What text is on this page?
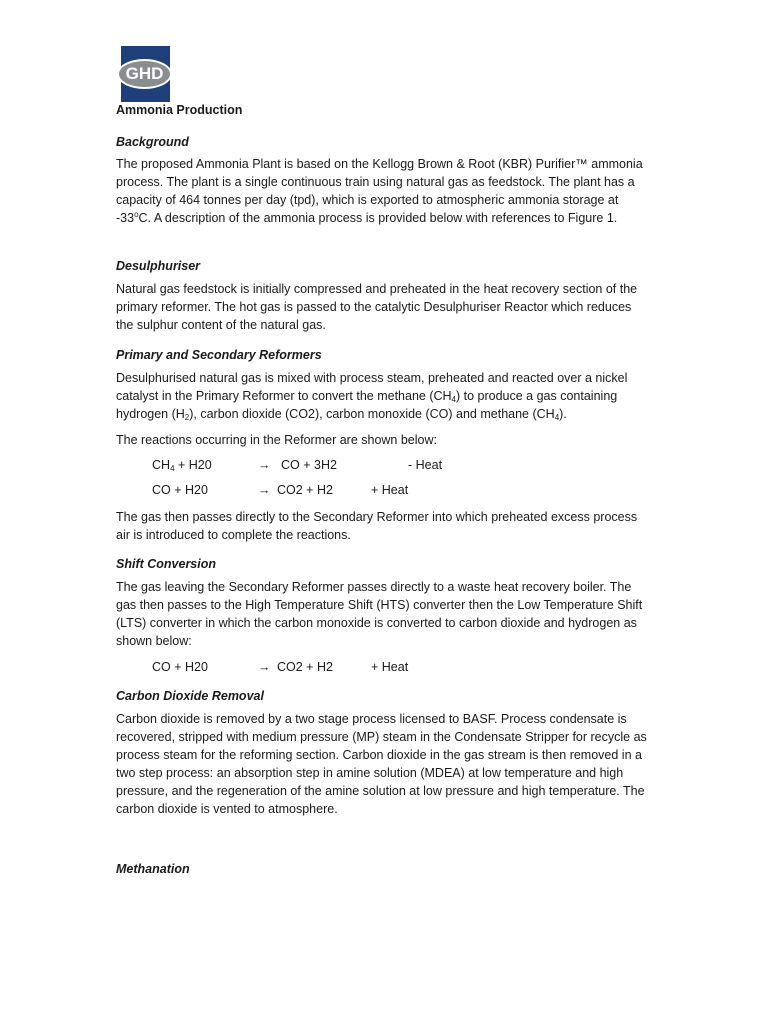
GHD

Ammonia Production

Background

The proposed Ammonia Plant is based on the Kellogg Brown & Root (KBR) Purifier™ ammonia process. The plant is a single continuous train using natural gas as feedstock. The plant has a capacity of 464 tonnes per day (tpd), which is exported to atmospheric ammonia storage at -33$^o$C. A description of the ammonia process is provided below with references to Figure 1.

Desulphuriser

Natural gas feedstock is initially compressed and preheated in the heat recovery section of the primary reformer. The hot gas is passed to the catalytic Desulphuriser Reactor which reduces the sulphur content of the natural gas.

Primary and Secondary Reformers

Desulphurised natural gas is mixed with process steam, preheated and reacted over a nickel catalyst in the Primary Reformer to convert the methane $(CH_4)$ to produce a gas containing hydrogen $(H_2)$, carbon dioxide (CO2), carbon monoxide (CO) and methane $(CH_4)$.

The reactions occurring in the Reformer are shown below:

$CH_4 + H20$	→ CO + 3H2	- Heat
CO + H20	→ CO2 + H2	+ Heat

The gas then passes directly to the Secondary Reformer into which preheated excess process air is introduced to complete the reactions.

Shift Conversion

The gas leaving the Secondary Reformer passes directly to a waste heat recovery boiler. The gas then passes to the High Temperature Shift (HTS) converter then the Low Temperature Shift (LTS) converter in which the carbon monoxide is converted to carbon dioxide and hydrogen as shown below:

CO + H20	→ CO2 + H2	+ Heat

Carbon Dioxide Removal

Carbon dioxide is removed by a two stage process licensed to BASF. Process condensate is recovered, stripped with medium pressure (MP) steam in the Condensate Stripper for recycle as process steam for the reforming section. Carbon dioxide in the gas stream is then removed in a two step process: an absorption step in amine solution (MDEA) at low temperature and high pressure, and the regeneration of the amine solution at low pressure and high temperature. The carbon dioxide is vented to atmosphere.

Methanation
